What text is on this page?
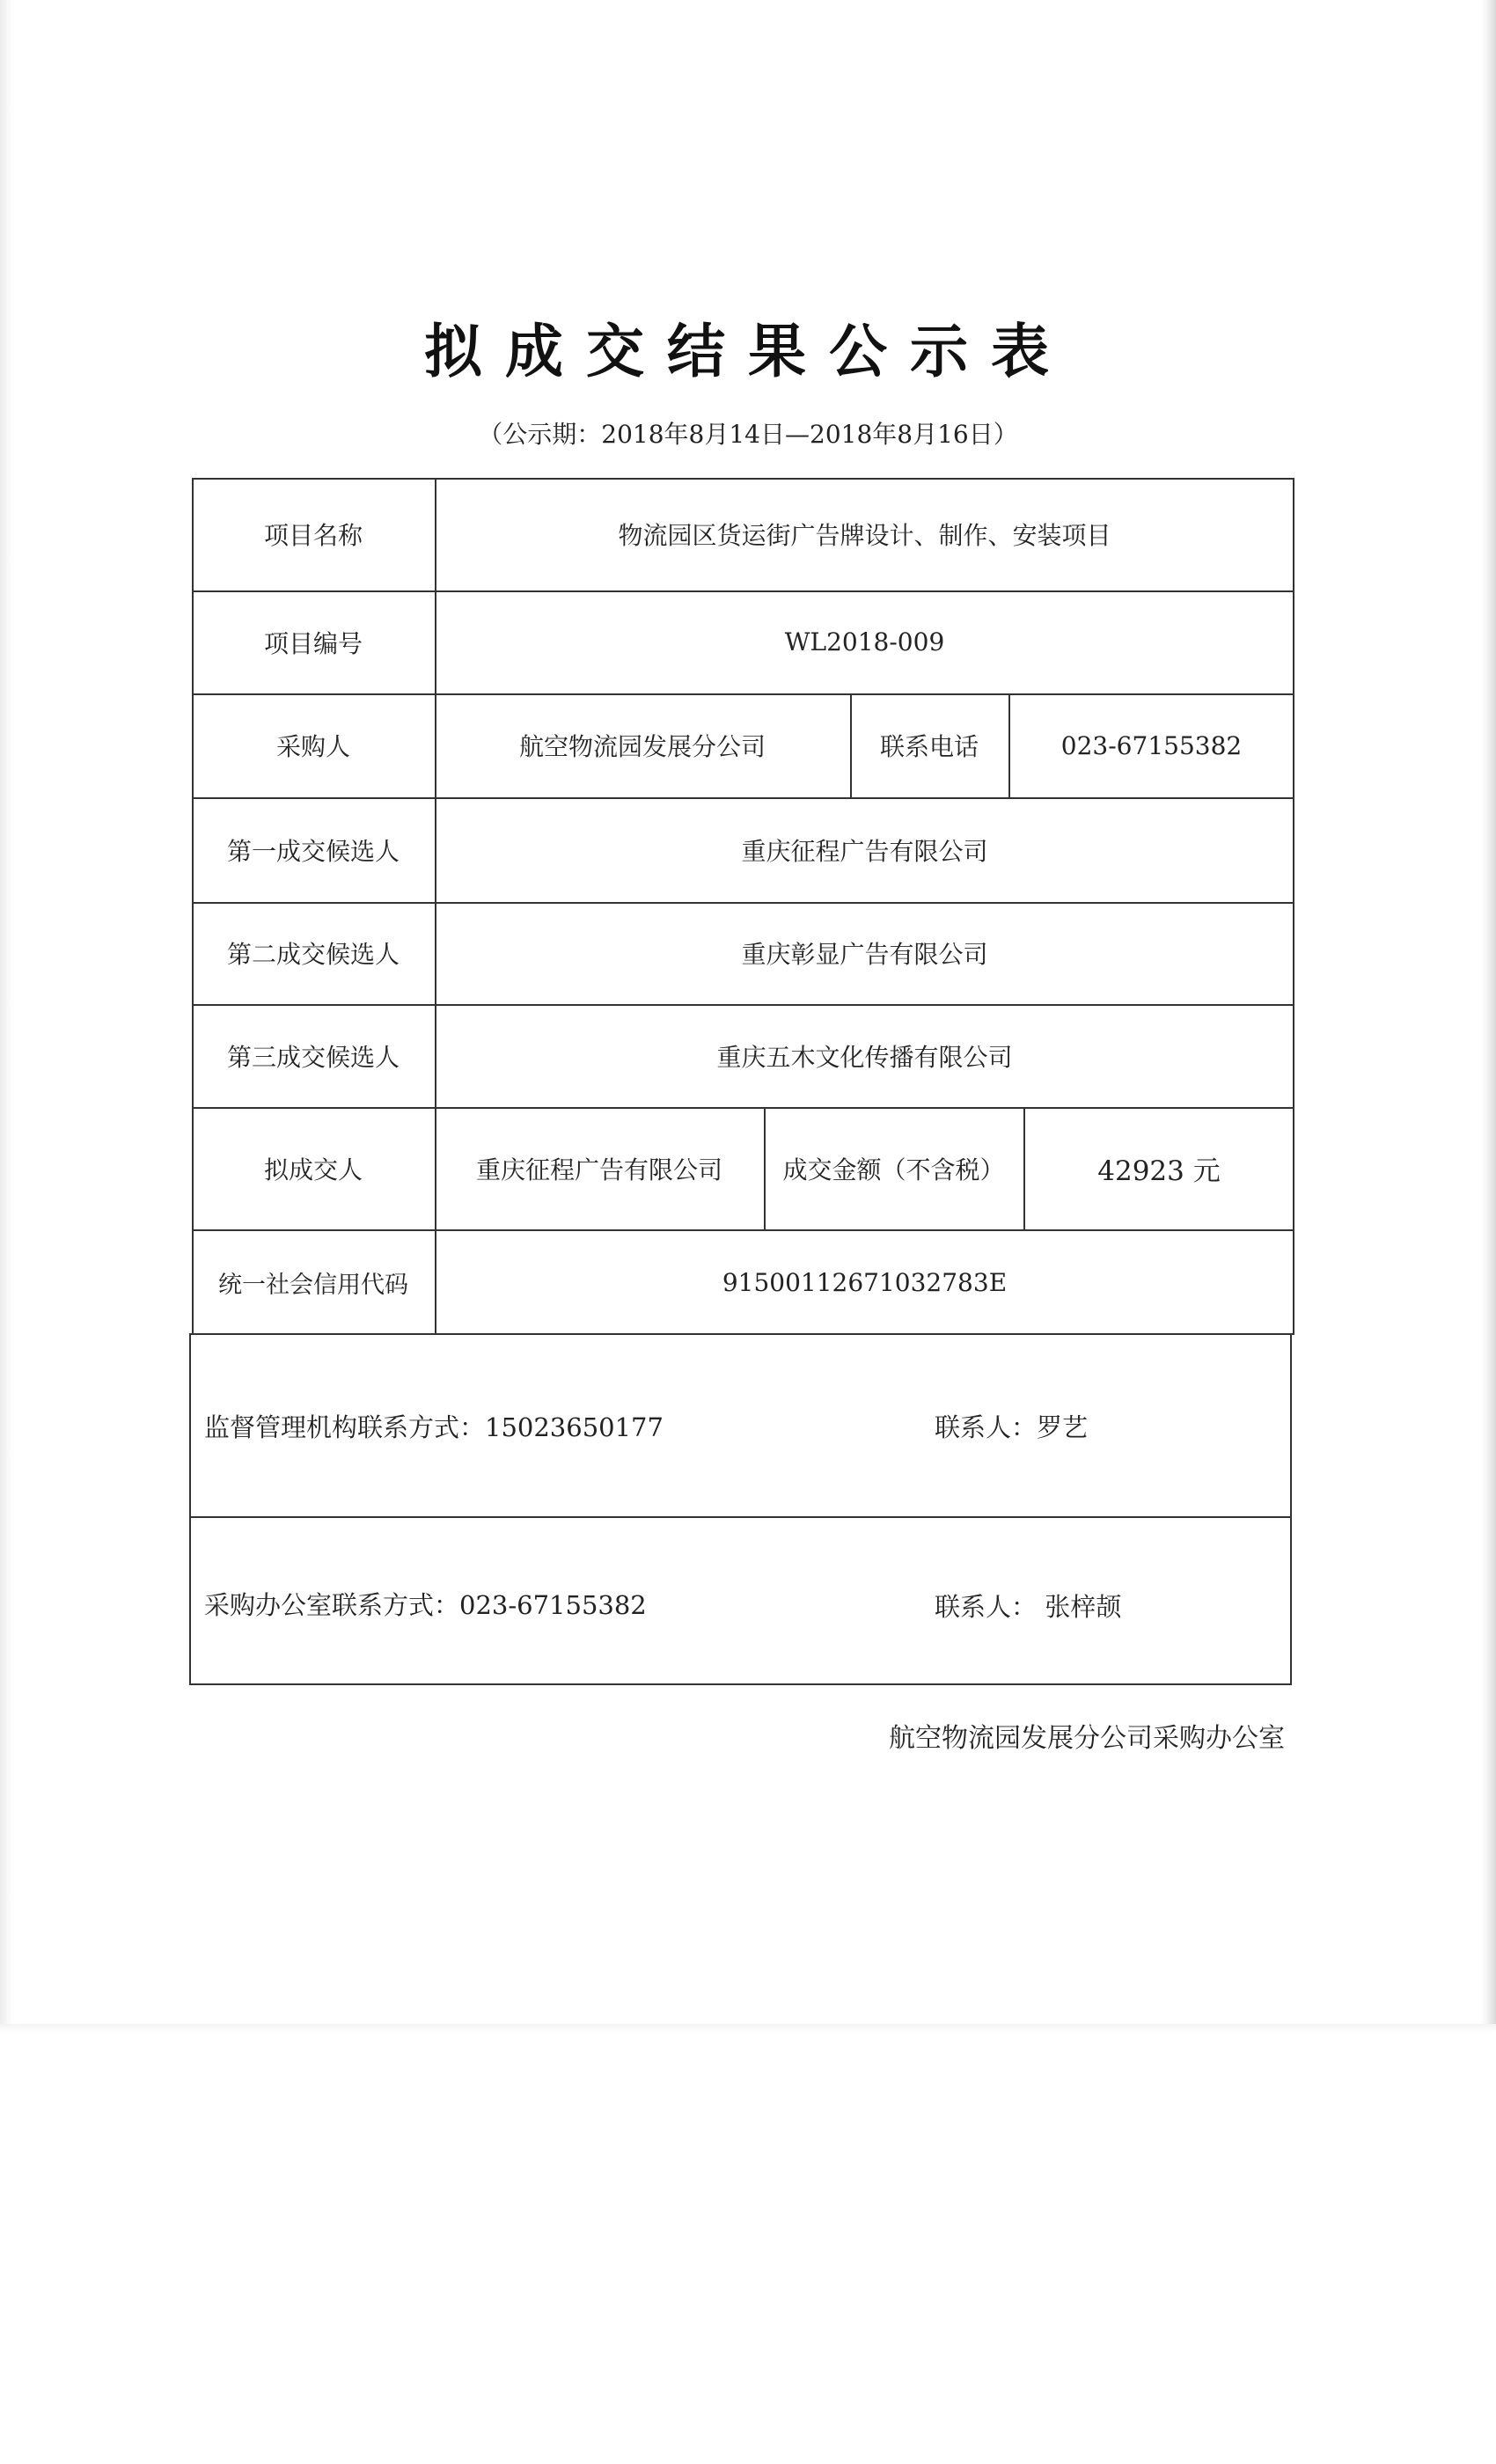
拟成交结果公示表
（公示期：2018年8月14日—2018年8月16日）
项目名称	物流园区货运街广告牌设计、制作、安装项目
项目编号	WL2018-009
采购人	航空物流园发展分公司	联系电话	023-67155382
第一成交候选人	重庆征程广告有限公司
第二成交候选人	重庆彰显广告有限公司
第三成交候选人	重庆五木文化传播有限公司
拟成交人	重庆征程广告有限公司	成交金额（不含税）	42923 元
统一社会信用代码	91500112671032783E
监督管理机构联系方式：15023650177	联系人：罗艺
采购办公室联系方式：023-67155382	联系人： 张梓颉
航空物流园发展分公司采购办公室
